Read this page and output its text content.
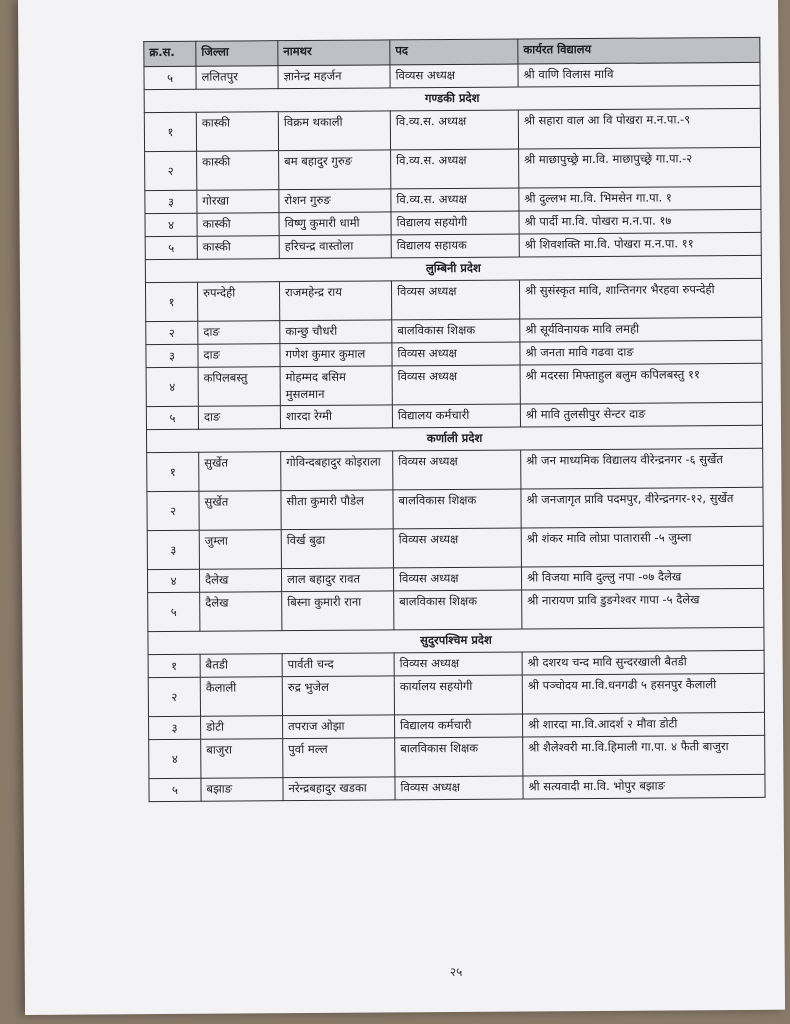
क्र.स.	जिल्ला	नामथर	पद	कार्यरत विद्यालय
५	ललितपुर	ज्ञानेन्द्र महर्जन	विव्यस अध्यक्ष	श्री वाणि विलास मावि
गण्डकी प्रदेश				
१	कास्की	विक्रम थकाली	वि.व्य.स. अध्यक्ष	श्री सहारा वाल आ वि पोखरा म.न.पा.-९
२	कास्की	बम बहादुर गुरुङ	वि.व्य.स. अध्यक्ष	श्री माछापुच्छ्रे मा.वि. माछापुच्छ्रे गा.पा.-२
३	गोरखा	रोशन गुरुङ	वि.व्य.स. अध्यक्ष	श्री दुल्लभ मा.वि. भिमसेन गा.पा. १
४	कास्की	विष्णु कुमारी धामी	विद्यालय सहयोगी	श्री पार्दी मा.वि. पोखरा म.न.पा. १७
५	कास्की	हरिचन्द्र वास्तोला	विद्यालय सहायक	श्री शिवशक्ति मा.वि. पोखरा म.न.पा. ११
लुम्बिनी प्रदेश				
१	रुपन्देही	राजमहेन्द्र राय	विव्यस अध्यक्ष	श्री सुसंस्कृत मावि, शान्तिनगर भैरहवा रुपन्देही
२	दाङ	कान्छु चौधरी	बालविकास शिक्षक	श्री सूर्यविनायक मावि लमही
३	दाङ	गणेश कुमार कुमाल	विव्यस अध्यक्ष	श्री जनता मावि गढवा दाङ
४	कपिलबस्तु	मोहम्मद बसिम मुसलमान	विव्यस अध्यक्ष	श्री मदरसा मिफ्ताहुल बलुम कपिलबस्तु ११
५	दाङ	शारदा रेग्मी	विद्यालय कर्मचारी	श्री मावि तुलसीपुर सेन्टर दाङ
कर्णाली प्रदेश				
१	सुर्खेत	गोविन्दबहादुर कोइराला	विव्यस अध्यक्ष	श्री जन माध्यमिक विद्यालय वीरेन्द्रनगर -६ सुर्खेत
२	सुर्खेत	सीता कुमारी पौडेल	बालविकास शिक्षक	श्री जनजागृत प्रावि पदमपुर, वीरेन्द्रनगर-१२, सुर्खेत
३	जुम्ला	विर्ख बुढा	विव्यस अध्यक्ष	श्री शंकर मावि लोप्रा पातारासी -५ जुम्ला
४	दैलेख	लाल बहादुर रावत	विव्यस अध्यक्ष	श्री विजया मावि दुल्लु नपा -०७ दैलेख
५	दैलेख	बिस्ना कुमारी राना	बालविकास शिक्षक	श्री नारायण प्रावि डुङगेश्वर गापा -५ दैलेख
सुदुरपश्चिम प्रदेश				
१	बैतडी	पार्वती चन्द	विव्यस अध्यक्ष	श्री दशरथ चन्द मावि सुन्दरखाली बैतडी
२	कैलाली	रुद्र भुजेल	कार्यालय सहयोगी	श्री पञ्चोदय मा.वि.धनगढी ५ हसनपुर कैलाली
३	डोटी	तपराज ओझा	विद्यालय कर्मचारी	श्री शारदा मा.वि.आदर्श २ मौवा डोटी
४	बाजुरा	पुर्वा मल्ल	बालविकास शिक्षक	श्री शैलेश्वरी मा.वि.हिमाली गा.पा. ४ फैती बाजुरा
५	बझाङ	नरेन्द्रबहादुर खडका	विव्यस अध्यक्ष	श्री सत्यवादी मा.वि. भोपुर बझाङ
२५
